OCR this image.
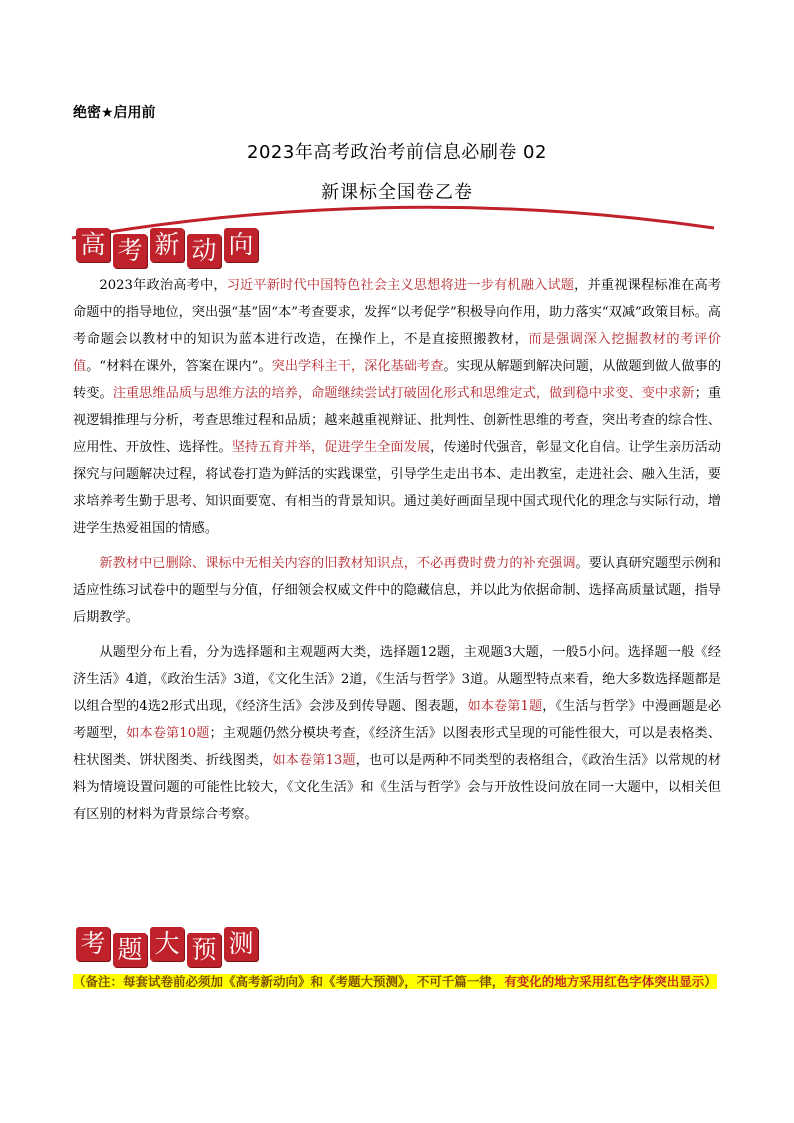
绝密★启用前
2023年高考政治考前信息必刷卷 02
新课标全国卷乙卷
高 考 新 动 向

2023年政治高考中，习近平新时代中国特色社会主义思想将进一步有机融入试题，并重视课程标准在高考命题中的指导地位，突出强“基”固“本”考查要求，发挥“以考促学”积极导向作用，助力落实“双减”政策目标。高考命题会以教材中的知识为蓝本进行改造，在操作上，不是直接照搬教材，而是强调深入挖掘教材的考评价值。“材料在课外，答案在课内”。突出学科主干，深化基础考查。实现从解题到解决问题，从做题到做人做事的转变。注重思维品质与思维方法的培养，命题继续尝试打破固化形式和思维定式，做到稳中求变、变中求新；重视逻辑推理与分析，考查思维过程和品质；越来越重视辩证、批判性、创新性思维的考查，突出考查的综合性、应用性、开放性、选择性。坚持五育并举，促进学生全面发展，传递时代强音，彰显文化自信。让学生亲历活动探究与问题解决过程，将试卷打造为鲜活的实践课堂，引导学生走出书本、走出教室，走进社会、融入生活，要求培养考生勤于思考、知识面要宽、有相当的背景知识。通过美好画面呈现中国式现代化的理念与实际行动，增进学生热爱祖国的情感。

新教材中已删除、课标中无相关内容的旧教材知识点，不必再费时费力的补充强调。要认真研究题型示例和适应性练习试卷中的题型与分值，仔细领会权威文件中的隐藏信息，并以此为依据命制、选择高质量试题，指导后期教学。

从题型分布上看，分为选择题和主观题两大类，选择题12题，主观题3大题，一般5小问。选择题一般《经济生活》4道，《政治生活》3道，《文化生活》2道，《生活与哲学》3道。从题型特点来看，绝大多数选择题都是以组合型的4选2形式出现，《经济生活》会涉及到传导题、图表题，如本卷第1题，《生活与哲学》中漫画题是必考题型，如本卷第10题；主观题仍然分模块考查，《经济生活》以图表形式呈现的可能性很大，可以是表格类、柱状图类、饼状图类、折线图类，如本卷第13题，也可以是两种不同类型的表格组合，《政治生活》以常规的材料为情境设置问题的可能性比较大，《文化生活》和《生活与哲学》会与开放性设问放在同一大题中，以相关但有区别的材料为背景综合考察。

考 题 大 预 测
（备注：每套试卷前必须加《高考新动向》和《考题大预测》，不可千篇一律，有变化的地方采用红色字体突出显示）
